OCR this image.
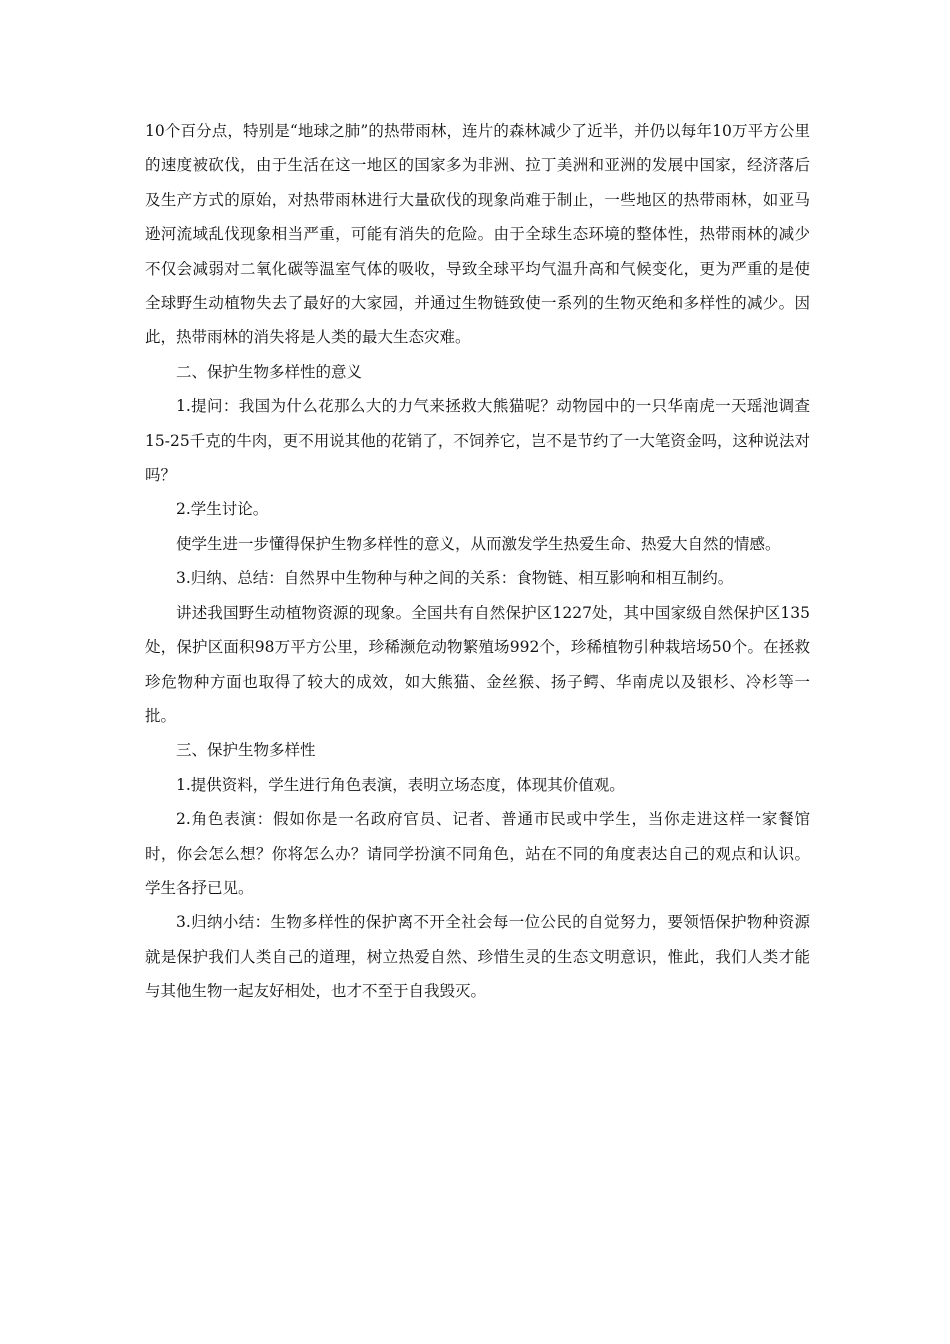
10个百分点，特别是“地球之肺”的热带雨林，连片的森林减少了近半，并仍以每年10万平方公里的速度被砍伐，由于生活在这一地区的国家多为非洲、拉丁美洲和亚洲的发展中国家，经济落后及生产方式的原始，对热带雨林进行大量砍伐的现象尚难于制止，一些地区的热带雨林，如亚马逊河流域乱伐现象相当严重，可能有消失的危险。由于全球生态环境的整体性，热带雨林的减少不仅会减弱对二氧化碳等温室气体的吸收，导致全球平均气温升高和气候变化，更为严重的是使全球野生动植物失去了最好的大家园，并通过生物链致使一系列的生物灭绝和多样性的减少。因此，热带雨林的消失将是人类的最大生态灾难。

二、保护生物多样性的意义

1.提问：我国为什么花那么大的力气来拯救大熊猫呢？动物园中的一只华南虎一天瑶池调查15-25千克的牛肉，更不用说其他的花销了，不饲养它，岂不是节约了一大笔资金吗，这种说法对吗？

2.学生讨论。

使学生进一步懂得保护生物多样性的意义，从而激发学生热爱生命、热爱大自然的情感。

3.归纳、总结：自然界中生物种与种之间的关系：食物链、相互影响和相互制约。

讲述我国野生动植物资源的现象。全国共有自然保护区1227处，其中国家级自然保护区135处，保护区面积98万平方公里，珍稀濒危动物繁殖场992个，珍稀植物引种栽培场50个。在拯救珍危物种方面也取得了较大的成效，如大熊猫、金丝猴、扬子鳄、华南虎以及银杉、冷杉等一批。

三、保护生物多样性

1.提供资料，学生进行角色表演，表明立场态度，体现其价值观。

2.角色表演：假如你是一名政府官员、记者、普通市民或中学生，当你走进这样一家餐馆时，你会怎么想？你将怎么办？请同学扮演不同角色，站在不同的角度表达自己的观点和认识。学生各抒已见。

3.归纳小结：生物多样性的保护离不开全社会每一位公民的自觉努力，要领悟保护物种资源就是保护我们人类自己的道理，树立热爱自然、珍惜生灵的生态文明意识，惟此，我们人类才能与其他生物一起友好相处，也才不至于自我毁灭。
